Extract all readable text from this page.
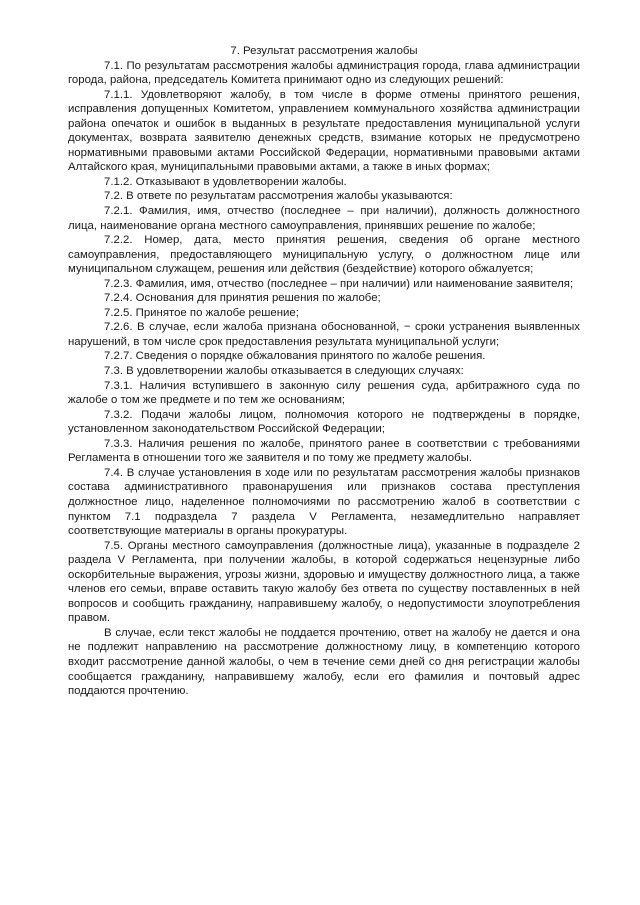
7. Результат рассмотрения жалобы

7.1. По результатам рассмотрения жалобы администрация города, глава администрации города, района, председатель Комитета принимают одно из следующих решений:

7.1.1. Удовлетворяют жалобу, в том числе в форме отмены принятого решения, исправления допущенных Комитетом, управлением коммунального хозяйства администрации района опечаток и ошибок в выданных в результате предоставления муниципальной услуги документах, возврата заявителю денежных средств, взимание которых не предусмотрено нормативными правовыми актами Российской Федерации, нормативными правовыми актами Алтайского края, муниципальными правовыми актами, а также в иных формах;

7.1.2. Отказывают в удовлетворении жалобы.

7.2. В ответе по результатам рассмотрения жалобы указываются:

7.2.1. Фамилия, имя, отчество (последнее – при наличии), должность должностного лица, наименование органа местного самоуправления, принявших решение по жалобе;

7.2.2. Номер, дата, место принятия решения, сведения об органе местного самоуправления, предоставляющего муниципальную услугу, о должностном лице или муниципальном служащем, решения или действия (бездействие) которого обжалуется;

7.2.3. Фамилия, имя, отчество (последнее – при наличии) или наименование заявителя;

7.2.4. Основания для принятия решения по жалобе;

7.2.5. Принятое по жалобе решение;

7.2.6. В случае, если жалоба признана обоснованной, − сроки устранения выявленных нарушений, в том числе срок предоставления результата муниципальной услуги;

7.2.7. Сведения о порядке обжалования принятого по жалобе решения.

7.3. В удовлетворении жалобы отказывается в следующих случаях:

7.3.1. Наличия вступившего в законную силу решения суда, арбитражного суда по жалобе о том же предмете и по тем же основаниям;

7.3.2. Подачи жалобы лицом, полномочия которого не подтверждены в порядке, установленном законодательством Российской Федерации;

7.3.3. Наличия решения по жалобе, принятого ранее в соответствии с требованиями Регламента в отношении того же заявителя и по тому же предмету жалобы.

7.4. В случае установления в ходе или по результатам рассмотрения жалобы признаков состава административного правонарушения или признаков состава преступления должностное лицо, наделенное полномочиями по рассмотрению жалоб в соответствии с пунктом 7.1 подраздела 7 раздела V Регламента, незамедлительно направляет соответствующие материалы в органы прокуратуры.

7.5. Органы местного самоуправления (должностные лица), указанные в подразделе 2 раздела V Регламента, при получении жалобы, в которой содержаться нецензурные либо оскорбительные выражения, угрозы жизни, здоровью и имуществу должностного лица, а также членов его семьи, вправе оставить такую жалобу без ответа по существу поставленных в ней вопросов и сообщить гражданину, направившему жалобу, о недопустимости злоупотребления правом.

В случае, если текст жалобы не поддается прочтению, ответ на жалобу не дается и она не подлежит направлению на рассмотрение должностному лицу, в компетенцию которого входит рассмотрение данной жалобы, о чем в течение семи дней со дня регистрации жалобы сообщается гражданину, направившему жалобу, если его фамилия и почтовый адрес поддаются прочтению.
